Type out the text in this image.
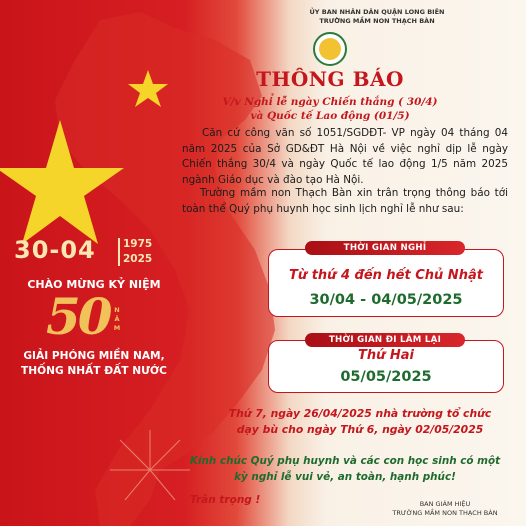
ỦY BAN NHÂN DÂN QUẬN LONG BIÊN
TRƯỜNG MẦM NON THẠCH BÀN
THÔNG BÁO
V/v Nghỉ lễ ngày Chiến thắng ( 30/4)
và Quốc tế Lao động (01/5)
Căn cứ công văn số 1051/SGDĐT- VP ngày 04 tháng 04 năm 2025 của Sở GD&ĐT Hà Nội về việc nghỉ dịp lễ ngày Chiến thắng 30/4 và ngày Quốc tế lao động 1/5 năm 2025 ngành Giáo dục và đào tạo Hà Nội.
Trường mầm non Thạch Bàn xin trân trọng thông báo tới toàn thể Quý phụ huynh học sinh lịch nghỉ lễ như sau:
Từ thứ 4 đến hết Chủ Nhật
30/04 - 04/05/2025
THỜI GIAN NGHỈ
Thứ Hai
05/05/2025
THỜI GIAN ĐI LÀM LẠI
Thứ 7, ngày 26/04/2025 nhà trường tổ chức
dạy bù cho ngày Thứ 6, ngày 02/05/2025
Kính chúc Quý phụ huynh và các con học sinh có một
kỳ nghỉ lễ vui vẻ, an toàn, hạnh phúc!
Trân trọng !	BAN GIÁM HIỆU
TRƯỜNG MẦM NON THẠCH BÀN
30-04	1975
2025
CHÀO MỪNG KỶ NIỆM
50 N
Ă
M
GIẢI PHÓNG MIỀN NAM,
THỐNG NHẤT ĐẤT NƯỚC
